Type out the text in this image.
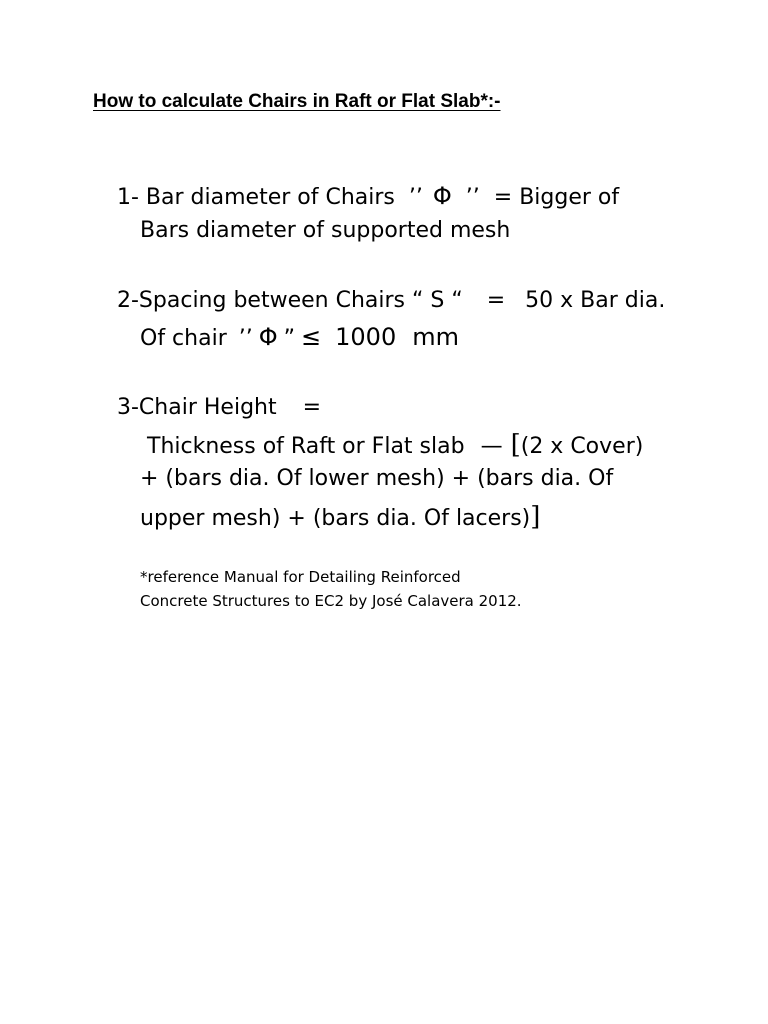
How to calculate Chairs in Raft or Flat Slab*:-
1- Bar diameter of Chairs ’’ Φ ’’ = Bigger of
Bars diameter of supported mesh
2-Spacing between Chairs “ S “ = 50 x Bar dia.
Of chair ’’ Φ ” ≤ 1000 mm
3-Chair Height =
Thickness of Raft or Flat slab — [(2 x Cover)
+ (bars dia. Of lower mesh) + (bars dia. Of
upper mesh) + (bars dia. Of lacers)]
*reference Manual for Detailing Reinforced
Concrete Structures to EC2 by José Calavera 2012.
